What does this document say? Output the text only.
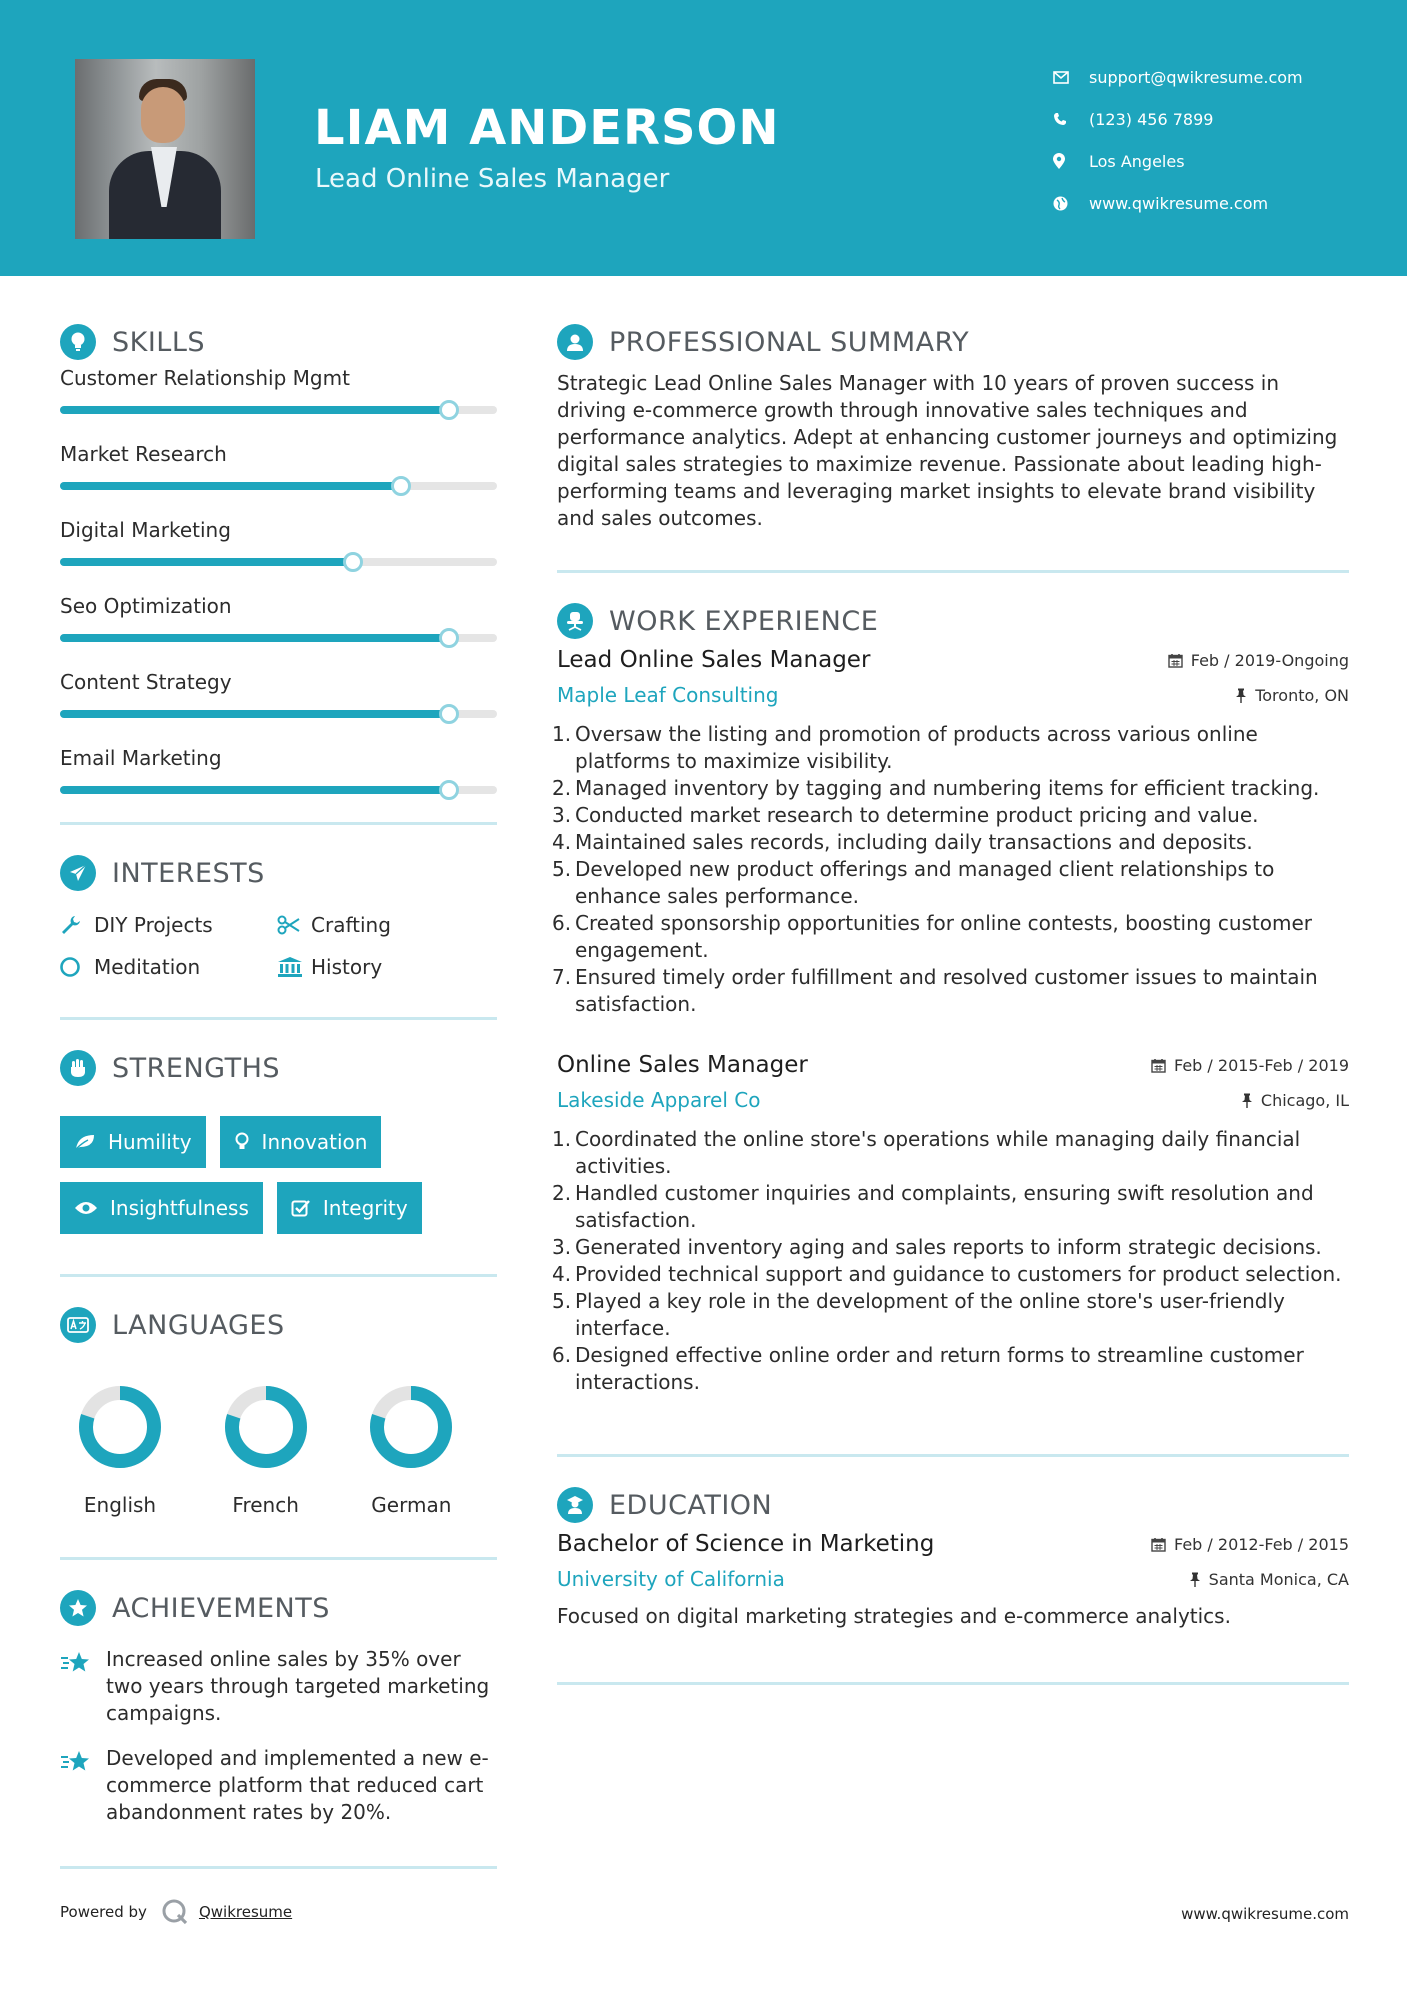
LIAM ANDERSON
Lead Online Sales Manager
support@qwikresume.com
(123) 456 7899
Los Angeles
www.qwikresume.com
SKILLS
Customer Relationship Mgmt
Market Research
Digital Marketing
Seo Optimization
Content Strategy
Email Marketing
INTERESTS
DIY Projects	Crafting
Meditation	History
STRENGTHS
Humility	Innovation
Insightfulness	Integrity
LANGUAGES
English	French	German
ACHIEVEMENTS
Increased online sales by 35% over two years through targeted marketing campaigns.
Developed and implemented a new e-commerce platform that reduced cart abandonment rates by 20%.
PROFESSIONAL SUMMARY

Strategic Lead Online Sales Manager with 10 years of proven success in driving e-commerce growth through innovative sales techniques and performance analytics. Adept at enhancing customer journeys and optimizing digital sales strategies to maximize revenue. Passionate about leading high-performing teams and leveraging market insights to elevate brand visibility and sales outcomes.

WORK EXPERIENCE
Lead Online Sales Manager	Feb / 2019-Ongoing
Maple Leaf Consulting	Toronto, ON
Oversaw the listing and promotion of products across various online platforms to maximize visibility.
Managed inventory by tagging and numbering items for efficient tracking.
Conducted market research to determine product pricing and value.
Maintained sales records, including daily transactions and deposits.
Developed new product offerings and managed client relationships to enhance sales performance.
Created sponsorship opportunities for online contests, boosting customer engagement.
Ensured timely order fulfillment and resolved customer issues to maintain satisfaction.
Online Sales Manager	Feb / 2015-Feb / 2019
Lakeside Apparel Co	Chicago, IL
Coordinated the online store's operations while managing daily financial activities.
Handled customer inquiries and complaints, ensuring swift resolution and satisfaction.
Generated inventory aging and sales reports to inform strategic decisions.
Provided technical support and guidance to customers for product selection.
Played a key role in the development of the online store's user-friendly interface.
Designed effective online order and return forms to streamline customer interactions.
EDUCATION
Bachelor of Science in Marketing	Feb / 2012-Feb / 2015
University of California	Santa Monica, CA

Focused on digital marketing strategies and e-commerce analytics.

Powered by	Qwikresume	www.qwikresume.com
